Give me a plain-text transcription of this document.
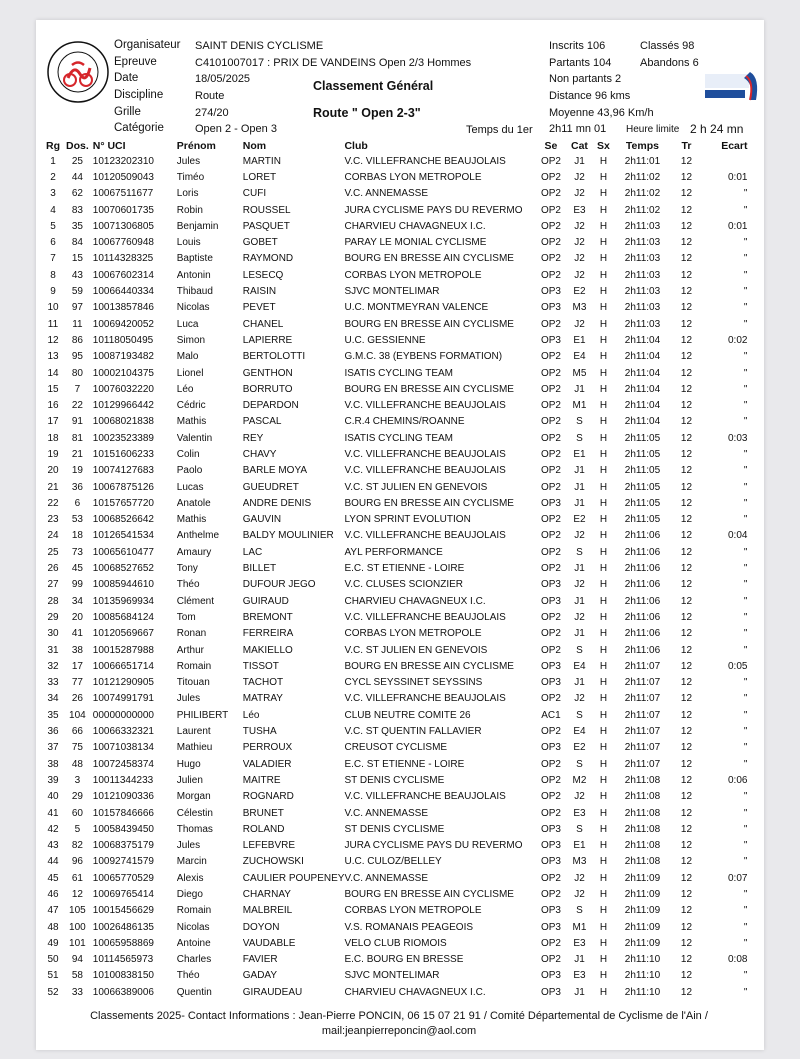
Organisateur SAINT DENIS CYCLISME
Epreuve	C4101007017 : PRIX DE VANDEINS Open 2/3 Hommes
Date	18/05/2025
Discipline	Route
Grille	274/20
Catégorie	Open 2 - Open 3
Classement Général
Route " Open 2-3"
Temps du 1er 2h11 mn 01 Heure limite 2 h 24 mn
Inscrits 106	Classés 98
Partants 104	Abandons 6
Non partants 2
Distance 96 kms
Moyenne 43,96 Km/h
Rg	Dos.	N° UCI	Prénom	Nom	Club	Se	Cat	Sx	Temps	Tr	Ecart
1	25	10123202310	Jules	MARTIN	V.C. VILLEFRANCHE BEAUJOLAIS	OP2	J1	H	2h11:01	12	
2	44	10120509043	Timéo	LORET	CORBAS LYON METROPOLE	OP2	J2	H	2h11:02	12	0:01
3	62	10067511677	Loris	CUFI	V.C. ANNEMASSE	OP2	J2	H	2h11:02	12	"
4	83	10070601735	Robin	ROUSSEL	JURA CYCLISME PAYS DU REVERMO	OP2	E3	H	2h11:02	12	"
5	35	10071306805	Benjamin	PASQUET	CHARVIEU CHAVAGNEUX I.C.	OP2	J2	H	2h11:03	12	0:01
6	84	10067760948	Louis	GOBET	PARAY LE MONIAL CYCLISME	OP2	J2	H	2h11:03	12	"
7	15	10114328325	Baptiste	RAYMOND	BOURG EN BRESSE AIN CYCLISME	OP2	J2	H	2h11:03	12	"
8	43	10067602314	Antonin	LESECQ	CORBAS LYON METROPOLE	OP2	J2	H	2h11:03	12	"
9	59	10066440334	Thibaud	RAISIN	SJVC MONTELIMAR	OP3	E2	H	2h11:03	12	"
10	97	10013857846	Nicolas	PEVET	U.C. MONTMEYRAN VALENCE	OP3	M3	H	2h11:03	12	"
11	11	10069420052	Luca	CHANEL	BOURG EN BRESSE AIN CYCLISME	OP2	J2	H	2h11:03	12	"
12	86	10118050495	Simon	LAPIERRE	U.C. GESSIENNE	OP3	E1	H	2h11:04	12	0:02
13	95	10087193482	Malo	BERTOLOTTI	G.M.C. 38 (EYBENS FORMATION)	OP2	E4	H	2h11:04	12	"
14	80	10002104375	Lionel	GENTHON	ISATIS CYCLING TEAM	OP2	M5	H	2h11:04	12	"
15	7	10076032220	Léo	BORRUTO	BOURG EN BRESSE AIN CYCLISME	OP2	J1	H	2h11:04	12	"
16	22	10129966442	Cédric	DEPARDON	V.C. VILLEFRANCHE BEAUJOLAIS	OP2	M1	H	2h11:04	12	"
17	91	10068021838	Mathis	PASCAL	C.R.4 CHEMINS/ROANNE	OP2	S	H	2h11:04	12	"
18	81	10023523389	Valentin	REY	ISATIS CYCLING TEAM	OP2	S	H	2h11:05	12	0:03
19	21	10151606233	Colin	CHAVY	V.C. VILLEFRANCHE BEAUJOLAIS	OP2	E1	H	2h11:05	12	"
20	19	10074127683	Paolo	BARLE MOYA	V.C. VILLEFRANCHE BEAUJOLAIS	OP2	J1	H	2h11:05	12	"
21	36	10067875126	Lucas	GUEUDRET	V.C. ST JULIEN EN GENEVOIS	OP2	J1	H	2h11:05	12	"
22	6	10157657720	Anatole	ANDRE DENIS	BOURG EN BRESSE AIN CYCLISME	OP3	J1	H	2h11:05	12	"
23	53	10068526642	Mathis	GAUVIN	LYON SPRINT EVOLUTION	OP2	E2	H	2h11:05	12	"
24	18	10126541534	Anthelme	BALDY MOULINIER	V.C. VILLEFRANCHE BEAUJOLAIS	OP2	J2	H	2h11:06	12	0:04
25	73	10065610477	Amaury	LAC	AYL PERFORMANCE	OP2	S	H	2h11:06	12	"
26	45	10068527652	Tony	BILLET	E.C. ST ETIENNE - LOIRE	OP2	J1	H	2h11:06	12	"
27	99	10085944610	Théo	DUFOUR JEGO	V.C. CLUSES SCIONZIER	OP3	J2	H	2h11:06	12	"
28	34	10135969934	Clément	GUIRAUD	CHARVIEU CHAVAGNEUX I.C.	OP3	J1	H	2h11:06	12	"
29	20	10085684124	Tom	BREMONT	V.C. VILLEFRANCHE BEAUJOLAIS	OP2	J2	H	2h11:06	12	"
30	41	10120569667	Ronan	FERREIRA	CORBAS LYON METROPOLE	OP2	J1	H	2h11:06	12	"
31	38	10015287988	Arthur	MAKIELLO	V.C. ST JULIEN EN GENEVOIS	OP2	S	H	2h11:06	12	"
32	17	10066651714	Romain	TISSOT	BOURG EN BRESSE AIN CYCLISME	OP3	E4	H	2h11:07	12	0:05
33	77	10121290905	Titouan	TACHOT	CYCL SEYSSINET SEYSSINS	OP3	J1	H	2h11:07	12	"
34	26	10074991791	Jules	MATRAY	V.C. VILLEFRANCHE BEAUJOLAIS	OP2	J2	H	2h11:07	12	"
35	104	00000000000	PHILIBERT	Léo	CLUB NEUTRE COMITE 26	AC1	S	H	2h11:07	12	"
36	66	10066332321	Laurent	TUSHA	V.C. ST QUENTIN FALLAVIER	OP2	E4	H	2h11:07	12	"
37	75	10071038134	Mathieu	PERROUX	CREUSOT CYCLISME	OP3	E2	H	2h11:07	12	"
38	48	10072458374	Hugo	VALADIER	E.C. ST ETIENNE - LOIRE	OP2	S	H	2h11:07	12	"
39	3	10011344233	Julien	MAITRE	ST DENIS CYCLISME	OP2	M2	H	2h11:08	12	0:06
40	29	10121090336	Morgan	ROGNARD	V.C. VILLEFRANCHE BEAUJOLAIS	OP2	J2	H	2h11:08	12	"
41	60	10157846666	Célestin	BRUNET	V.C. ANNEMASSE	OP2	E3	H	2h11:08	12	"
42	5	10058439450	Thomas	ROLAND	ST DENIS CYCLISME	OP3	S	H	2h11:08	12	"
43	82	10068375179	Jules	LEFEBVRE	JURA CYCLISME PAYS DU REVERMO	OP3	E1	H	2h11:08	12	"
44	96	10092741579	Marcin	ZUCHOWSKI	U.C. CULOZ/BELLEY	OP3	M3	H	2h11:08	12	"
45	61	10065770529	Alexis	CAULIER POUPENEY	V.C. ANNEMASSE	OP2	J2	H	2h11:09	12	0:07
46	12	10069765414	Diego	CHARNAY	BOURG EN BRESSE AIN CYCLISME	OP2	J2	H	2h11:09	12	"
47	105	10015456629	Romain	MALBREIL	CORBAS LYON METROPOLE	OP3	S	H	2h11:09	12	"
48	100	10026486135	Nicolas	DOYON	V.S. ROMANAIS PEAGEOIS	OP3	M1	H	2h11:09	12	"
49	101	10065958869	Antoine	VAUDABLE	VELO CLUB RIOMOIS	OP2	E3	H	2h11:09	12	"
50	94	10114565973	Charles	FAVIER	E.C. BOURG EN BRESSE	OP2	J1	H	2h11:10	12	0:08
51	58	10100838150	Théo	GADAY	SJVC MONTELIMAR	OP3	E3	H	2h11:10	12	"
52	33	10066389006	Quentin	GIRAUDEAU	CHARVIEU CHAVAGNEUX I.C.	OP3	J1	H	2h11:10	12	"
Classements 2025- Contact Informations : Jean-Pierre PONCIN, 06 15 07 21 91 / Comité Départemental de Cyclisme de l'Ain /
mail:jeanpierreponcin@aol.com
